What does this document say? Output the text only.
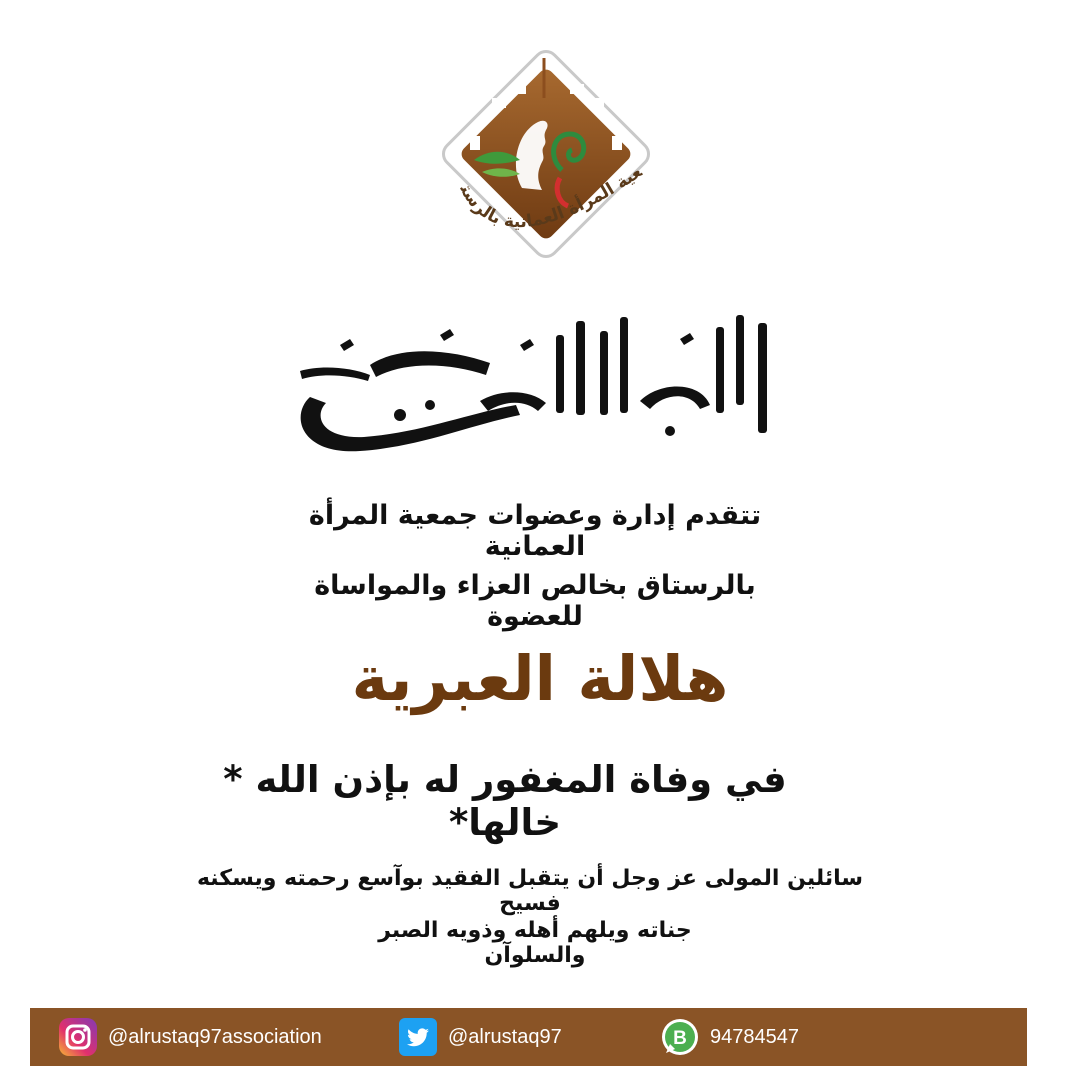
عية المرأة العمانية بالرست
تتقدم إدارة وعضوات جمعية المرأة العمانية
بالرستاق بخالص العزاء والمواساة للعضوة
هلالة العبرية
في وفاة المغفور له بإذن الله * خالها*
سائلين المولى عز وجل أن يتقبل الفقيد بوآسع رحمته ويسكنه فسيح
جناته ويلهم أهله وذويه الصبر والسلوآن
@alrustaq97association	@alrustaq97	B 94784547
